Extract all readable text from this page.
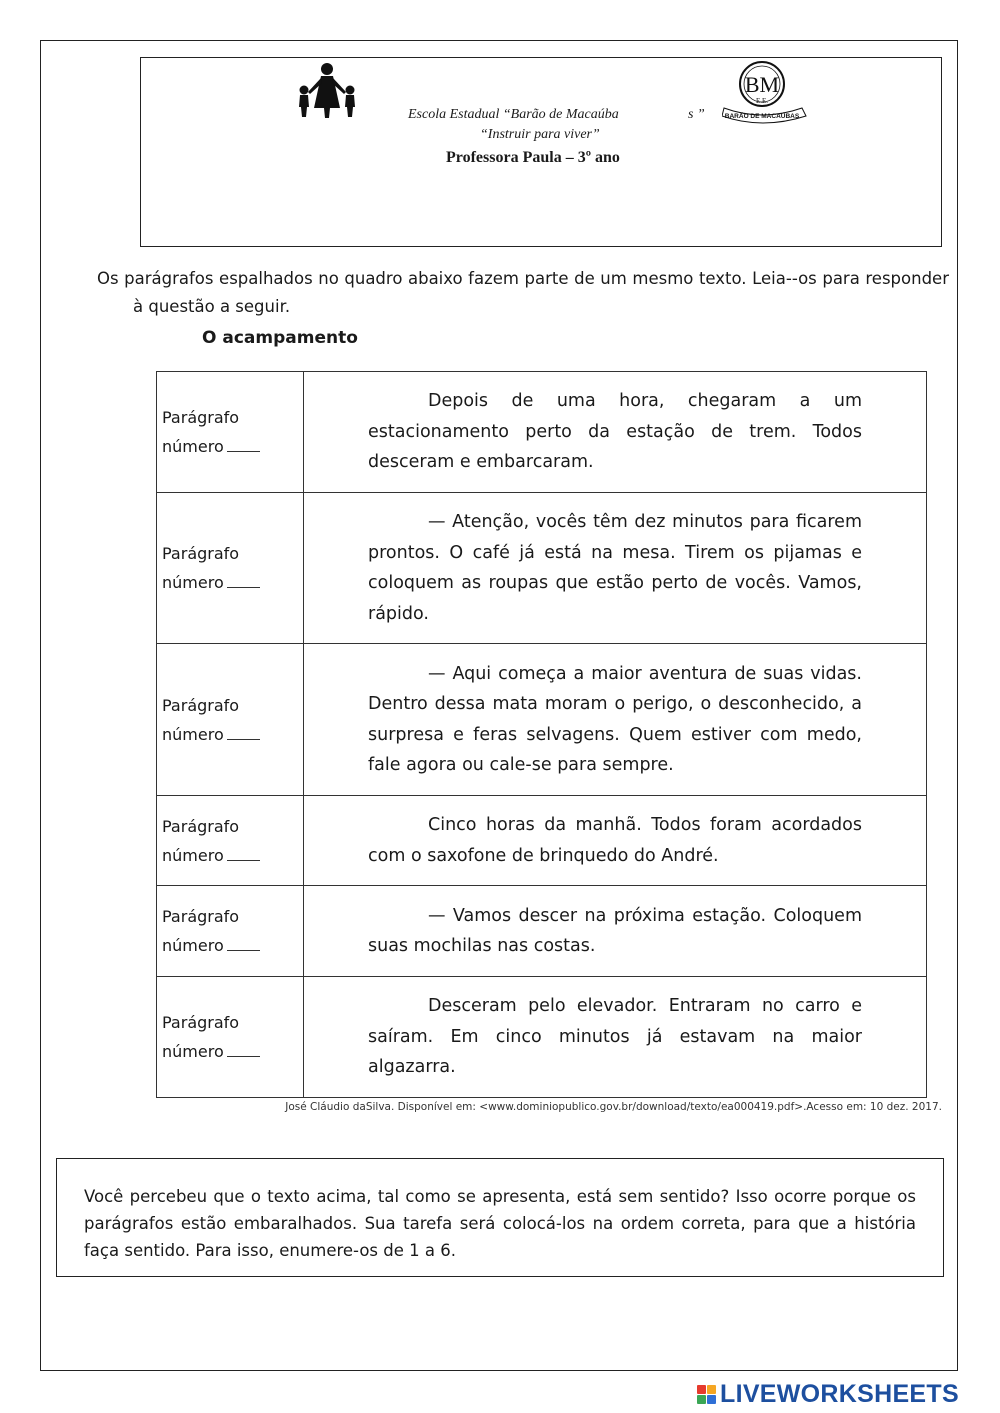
BM
E.E.
BARÃO DE MACAÚBAS
Escola Estadual “Barão de Macaúba	s ”
“Instruir para viver”
Professora Paula – 3º ano
Os parágrafos espalhados no quadro abaixo fazem parte de um mesmo texto. Leia--os para responder à questão a seguir.
O acampamento
Parágrafo
número	Depois de uma hora, chegaram a um estacionamento perto da estação de trem. Todos desceram e embarcaram.

Parágrafo
número	— Atenção, vocês têm dez minutos para ficarem prontos. O café já está na mesa. Tirem os pijamas e coloquem as roupas que estão perto de vocês. Vamos, rápido.

Parágrafo
número	— Aqui começa a maior aventura de suas vidas. Dentro dessa mata moram o perigo, o desconhecido, a surpresa e feras selvagens. Quem estiver com medo, fale agora ou cale-se para sempre.

Parágrafo
número	Cinco horas da manhã. Todos foram acordados com o saxofone de brinquedo do André.

Parágrafo
número	— Vamos descer na próxima estação. Coloquem suas mochilas nas costas.

Parágrafo
número	Desceram pelo elevador. Entraram no carro e saíram. Em cinco minutos já estavam na maior algazarra.
José Cláudio daSilva. Disponível em: <www.dominiopublico.gov.br/download/texto/ea000419.pdf>.Acesso em: 10 dez. 2017.
Você percebeu que o texto acima, tal como se apresenta, está sem sentido? Isso ocorre porque os parágrafos estão embaralhados. Sua tarefa será colocá-los na ordem correta, para que a história faça sentido. Para isso, enumere-os de 1 a 6.
LIVEWORKSHEETS
